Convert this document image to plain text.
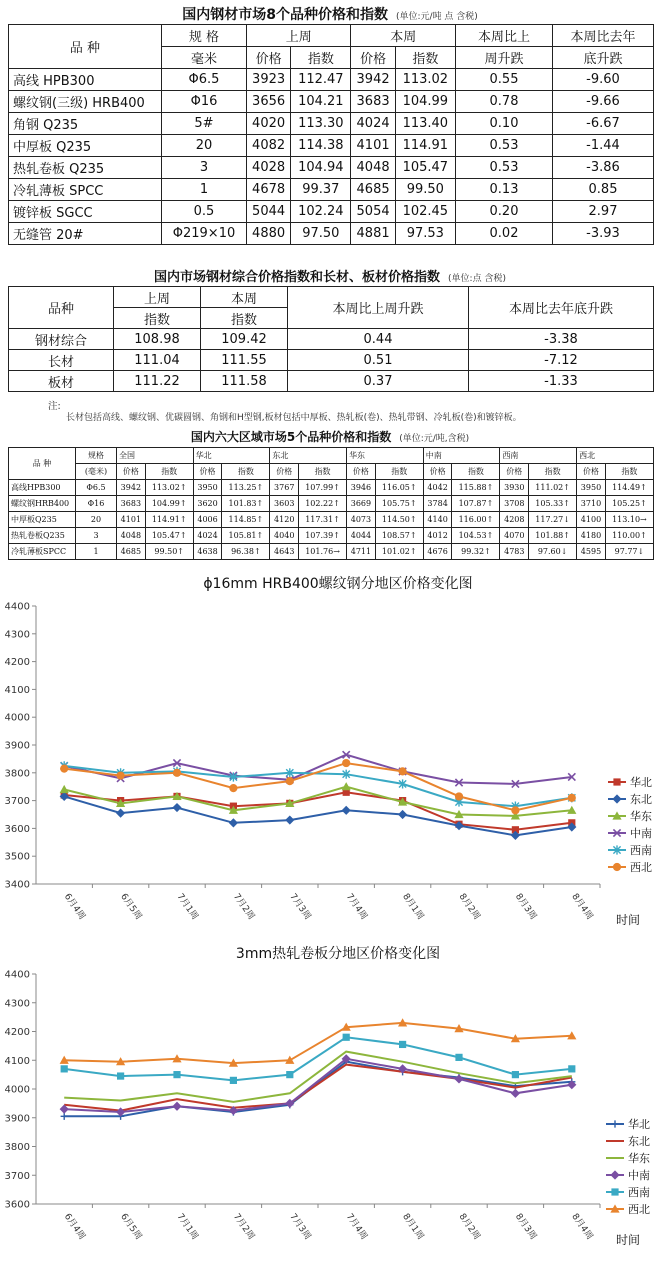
国内钢材市场8个品种价格和指数 (单位:元/吨 点 含税)
品 种	规 格	上周		本周		本周比上	本周比去年
	毫米	价格	指数	价格	指数	周升跌	底升跌
高线 HPB300	Φ6.5	3923	112.47	3942	113.02	0.55	-9.60
螺纹钢(三级) HRB400	Φ16	3656	104.21	3683	104.99	0.78	-9.66
角钢 Q235	5#	4020	113.30	4024	113.40	0.10	-6.67
中厚板 Q235	20	4082	114.38	4101	114.91	0.53	-1.44
热轧卷板 Q235	3	4028	104.94	4048	105.47	0.53	-3.86
冷轧薄板 SPCC	1	4678	99.37	4685	99.50	0.13	0.85
镀锌板 SGCC	0.5	5044	102.24	5054	102.45	0.20	2.97
无缝管 20#	Φ219×10	4880	97.50	4881	97.53	0.02	-3.93
国内市场钢材综合价格指数和长材、板材价格指数 (单位:点 含税)
品种	上周	本周	本周比上周升跌	本周比去年底升跌
	指数	指数		
钢材综合	108.98	109.42	0.44	-3.38
长材	111.04	111.55	0.51	-7.12
板材	111.22	111.58	0.37	-1.33
注:
长材包括高线、螺纹钢、优碳圆钢、角钢和H型钢,板材包括中厚板、热轧板(卷)、热轧带钢、冷轧板(卷)和镀锌板。
国内六大区域市场5个品种价格和指数 (单位:元/吨,含税)
品 种	规格	全国		华北		东北		华东		中南		西南		西北	
	(毫米)	价格	指数	价格	指数	价格	指数	价格	指数	价格	指数	价格	指数	价格	指数
高线HPB300	Φ6.5	3942	113.02↑	3950	113.25↑	3767	107.99↑	3946	116.05↑	4042	115.88↑	3930	111.02↑	3950	114.49↑
螺纹钢HRB400	Φ16	3683	104.99↑	3620	101.83↑	3603	102.22↑	3669	105.75↑	3784	107.87↑	3708	105.33↑	3710	105.25↑
中厚板Q235	20	4101	114.91↑	4006	114.85↑	4120	117.31↑	4073	114.50↑	4140	116.00↑	4208	117.27↓	4100	113.10→
热轧卷板Q235	3	4048	105.47↑	4024	105.81↑	4040	107.39↑	4044	108.57↑	4012	104.53↑	4070	101.88↑	4180	110.00↑
冷轧薄板SPCC	1	4685	99.50↑	4638	96.38↑	4643	101.76→	4711	101.02↑	4676	99.32↑	4783	97.60↓	4595	97.77↓
ϕ16mm HRB400螺纹钢分地区价格变化图
3400
3500
3600
3700
3800
3900
4000
4100
4200
4300
4400
6月4周	6月5周	7月1周	7月2周	7月3周	7月4周	8月1周	8月2周	8月3周	8月4周 时间
华北
东北
华东
中南
西南
西北
3mm热轧卷板分地区价格变化图
3600
3700
3800
3900
4000
4100
4200
4300
4400
6月4周	6月5周	7月1周	7月2周	7月3周	7月4周	8月1周	8月2周	8月3周	8月4周 时间
华北
东北
华东
中南
西南
西北
